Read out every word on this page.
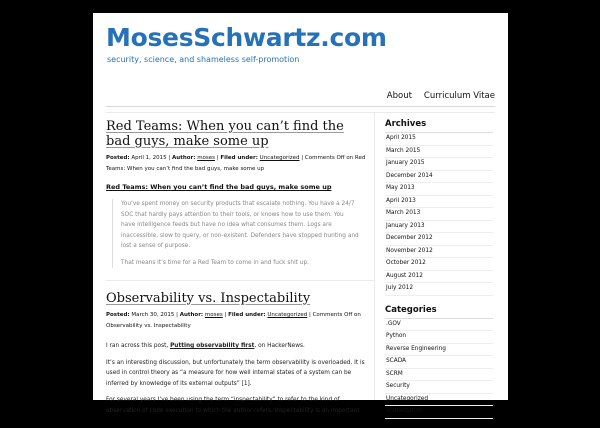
MosesSchwartz.com
security, science, and shameless self-promotion
About Curriculum Vitae
Red Teams: When you can’t find the bad guys, make some up
Posted: April 1, 2015 | Author: moses | Filed under: Uncategorized | Comments Off on Red Teams: When you can’t find the bad guys, make some up
Red Teams: When you can’t find the bad guys, make some up

You’ve spent money on security products that escalate nothing. You have a 24/7 SOC that hardly pays attention to their tools, or knows how to use them. You have intelligence feeds but have no idea what consumes them. Logs are inaccessible, slow to query, or non-existent. Defenders have stopped hunting and lost a sense of purpose.

That means it’s time for a Red Team to come in and fuck shit up.

Observability vs. Inspectability
Posted: March 30, 2015 | Author: moses | Filed under: Uncategorized | Comments Off on Observability vs. Inspectability

I ran across this post, Putting observability first, on HackerNews.

It’s an interesting discussion, but unfortunately the term observability is overloaded. It is used in control theory as “a measure for how well internal states of a system can be inferred by knowledge of its external outputs” [1].

For several years I’ve been using the term “inspectability” to refer to the kind of observation of code execution to which the author refers. Inspectability is an important

Archives
April 2015
March 2015
January 2015
December 2014
May 2013
April 2013
March 2013
January 2013
December 2012
November 2012
October 2012
August 2012
July 2012
Categories
.GOV
Python
Reverse Engineering
SCADA
SCRM
Security
Uncategorized
Visualization
